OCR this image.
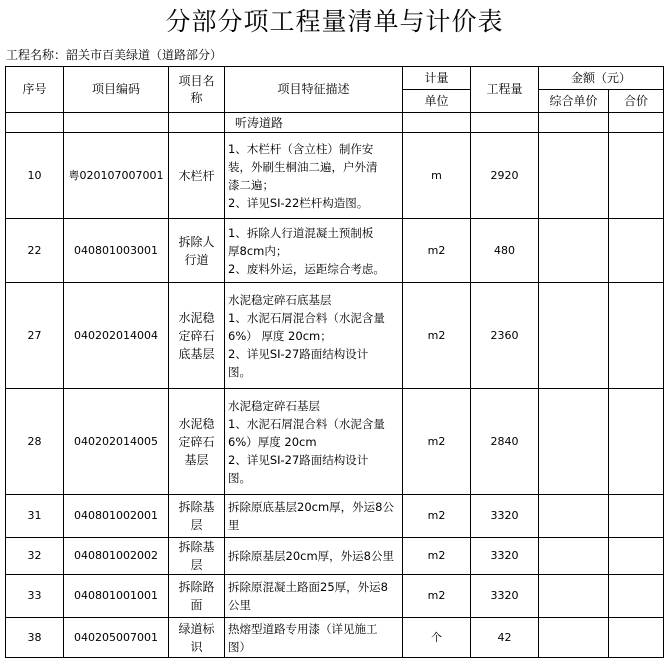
分部分项工程量清单与计价表
工程名称：韶关市百美绿道（道路部分）
序号	项目编码	项目名
称	项目特征描述	计量	工程量	金额（元）	
				单位		综合单价	合价
			听涛道路				
10	粤020107007001	木栏杆	1、木栏杆（含立柱）制作安
装，外刷生桐油二遍，户外清
漆二遍；
2、详见SI-22栏杆构造图。	m	2920		
22	040801003001	拆除人
行道	1、拆除人行道混凝土预制板
厚8cm内；
2、废料外运，运距综合考虑。	m2	480		
27	040202014004	水泥稳
定碎石
底基层	水泥稳定碎石底基层
1、水泥石屑混合料（水泥含量
6%） 厚度 20cm；
2、详见SI-27路面结构设计
图。	m2	2360		
28	040202014005	水泥稳
定碎石
基层	水泥稳定碎石基层
1、水泥石屑混合料（水泥含量
6%）厚度 20cm
2、详见SI-27路面结构设计
图。	m2	2840		
31	040801002001	拆除基
层	拆除原底基层20cm厚，外运8公
里	m2	3320		
32	040801002002	拆除基
层	拆除原基层20cm厚，外运8公里	m2	3320		
33	040801001001	拆除路
面	拆除原混凝土路面25厚，外运8
公里	m2	3320		
38	040205007001	绿道标
识	热熔型道路专用漆（详见施工
图）	个	42		
